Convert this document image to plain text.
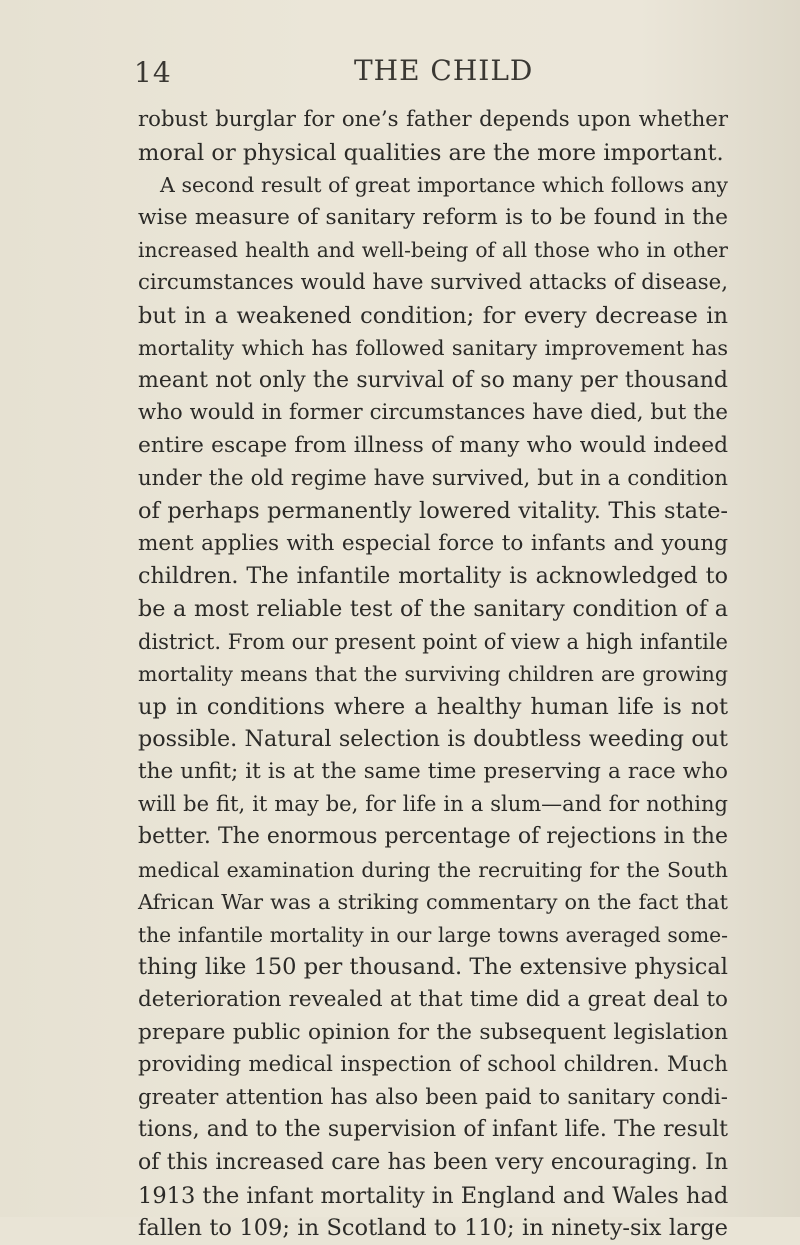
14	THE CHILD
robust burglar for one’s father depends upon whether
moral or physical qualities are the more important.
A second result of great importance which follows any
wise measure of sanitary reform is to be found in the
increased health and well-being of all those who in other
circumstances would have survived attacks of disease,
but in a weakened condition; for every decrease in
mortality which has followed sanitary improvement has
meant not only the survival of so many per thousand
who would in former circumstances have died, but the
entire escape from illness of many who would indeed
under the old regime have survived, but in a condition
of perhaps permanently lowered vitality. This state-
ment applies with especial force to infants and young
children. The infantile mortality is acknowledged to
be a most reliable test of the sanitary condition of a
district. From our present point of view a high infantile
mortality means that the surviving children are growing
up in conditions where a healthy human life is not
possible. Natural selection is doubtless weeding out
the unfit; it is at the same time preserving a race who
will be fit, it may be, for life in a slum—and for nothing
better. The enormous percentage of rejections in the
medical examination during the recruiting for the South
African War was a striking commentary on the fact that
the infantile mortality in our large towns averaged some-
thing like 150 per thousand. The extensive physical
deterioration revealed at that time did a great deal to
prepare public opinion for the subsequent legislation
providing medical inspection of school children. Much
greater attention has also been paid to sanitary condi-
tions, and to the supervision of infant life. The result
of this increased care has been very encouraging. In
1913 the infant mortality in England and Wales had
fallen to 109; in Scotland to 110; in ninety-six large
